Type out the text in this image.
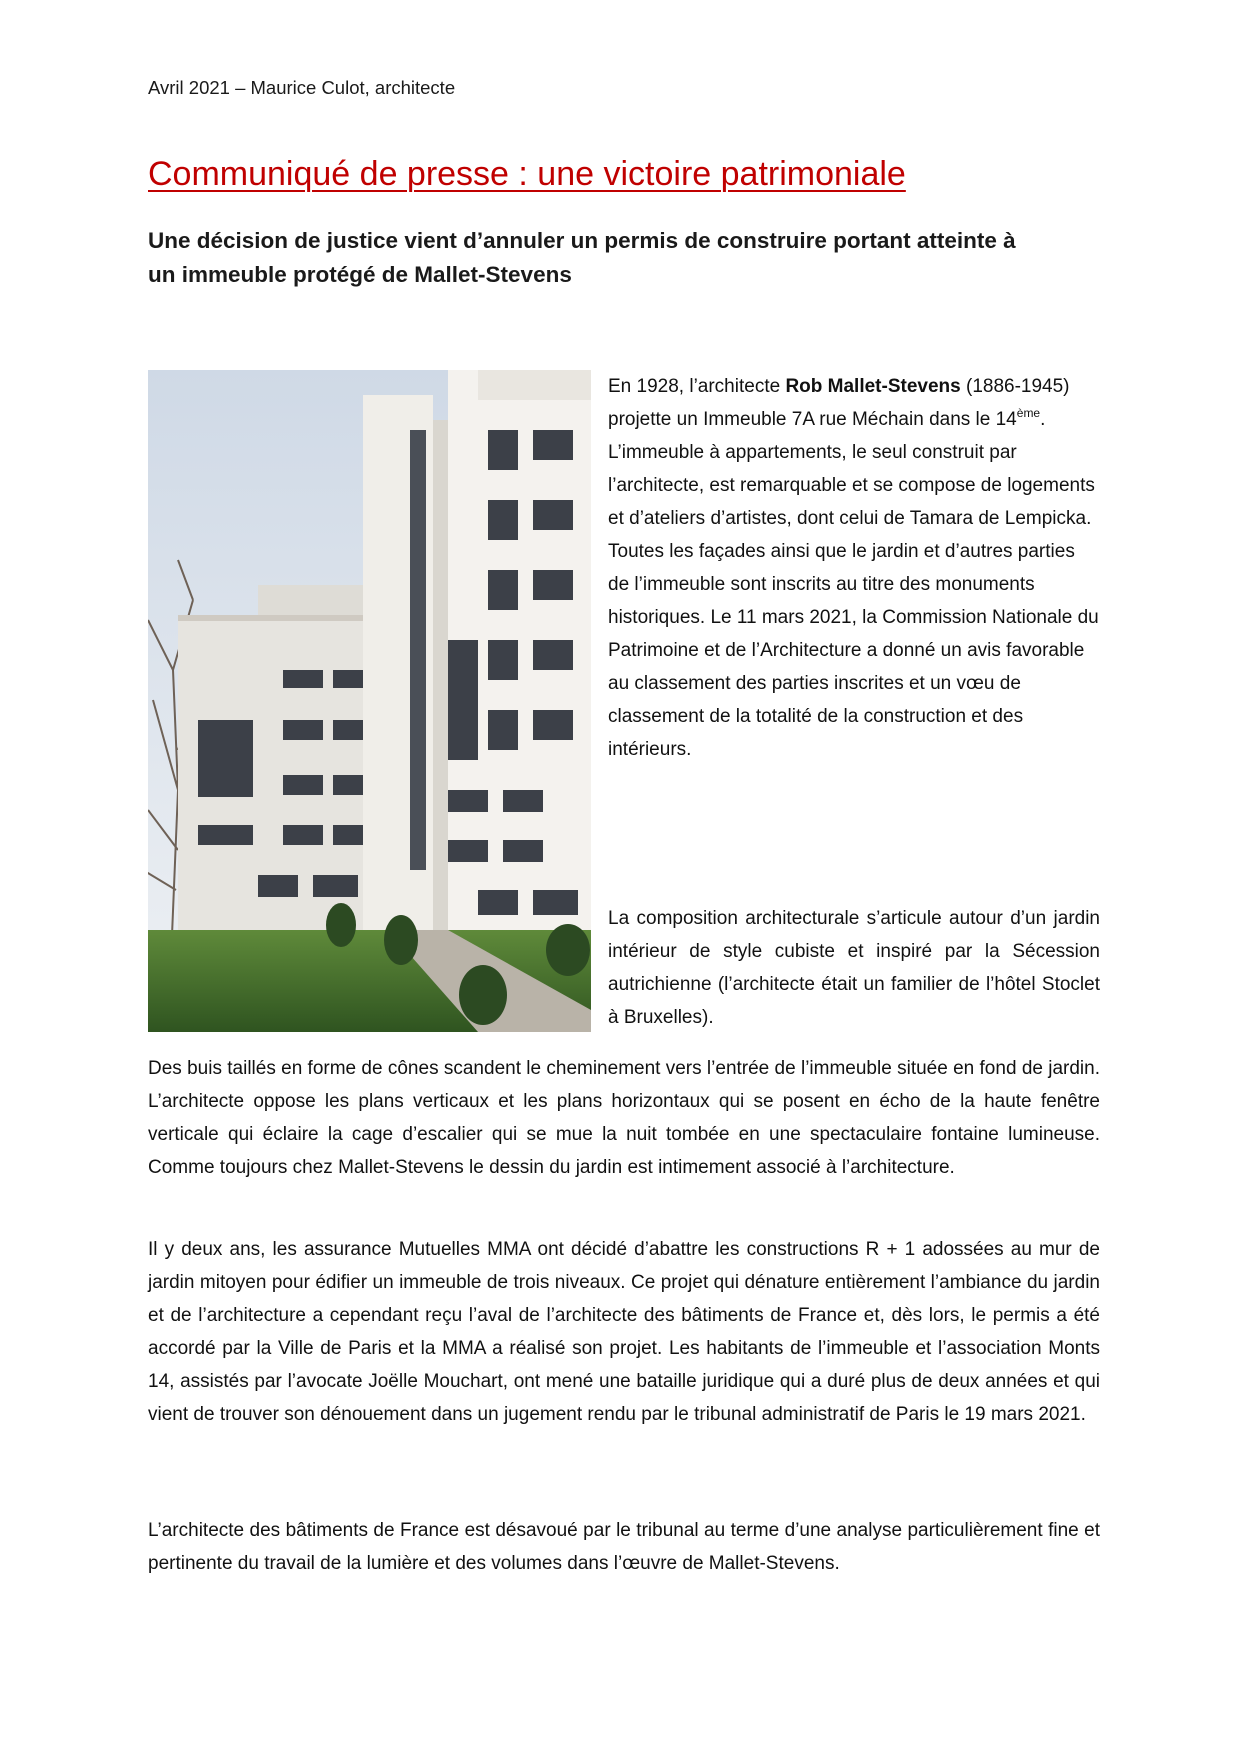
Avril 2021 – Maurice Culot, architecte
Communiqué de presse : une victoire patrimoniale
Une décision de justice vient d’annuler un permis de construire portant atteinte à un immeuble protégé de Mallet-Stevens

En 1928, l’architecte Rob Mallet-Stevens (1886-1945) projette un Immeuble 7A rue Méchain dans le 14ème. L’immeuble à appartements, le seul construit par l’architecte, est remarquable et se compose de logements et d’ateliers d’artistes, dont celui de Tamara de Lempicka. Toutes les façades ainsi que le jardin et d’autres parties de l’immeuble sont inscrits au titre des monuments historiques. Le 11 mars 2021, la Commission Nationale du Patrimoine et de l’Architecture a donné un avis favorable au classement des parties inscrites et un vœu de classement de la totalité de la construction et des intérieurs.

La composition architecturale s’articule autour d’un jardin intérieur de style cubiste et inspiré par la Sécession autrichienne (l’architecte était un familier de l’hôtel Stoclet à Bruxelles).

Des buis taillés en forme de cônes scandent le cheminement vers l’entrée de l’immeuble située en fond de jardin. L’architecte oppose les plans verticaux et les plans horizontaux qui se posent en écho de la haute fenêtre verticale qui éclaire la cage d’escalier qui se mue la nuit tombée en une spectaculaire fontaine lumineuse. Comme toujours chez Mallet-Stevens le dessin du jardin est intimement associé à l’architecture.

Il y deux ans, les assurance Mutuelles MMA ont décidé d’abattre les constructions R + 1 adossées au mur de jardin mitoyen pour édifier un immeuble de trois niveaux. Ce projet qui dénature entièrement l’ambiance du jardin et de l’architecture a cependant reçu l’aval de l’architecte des bâtiments de France et, dès lors, le permis a été accordé par la Ville de Paris et la MMA a réalisé son projet. Les habitants de l’immeuble et l’association Monts 14, assistés par l’avocate Joëlle Mouchart, ont mené une bataille juridique qui a duré plus de deux années et qui vient de trouver son dénouement dans un jugement rendu par le tribunal administratif de Paris le 19 mars 2021.

L’architecte des bâtiments de France est désavoué par le tribunal au terme d’une analyse particulièrement fine et pertinente du travail de la lumière et des volumes dans l’œuvre de Mallet-Stevens.
